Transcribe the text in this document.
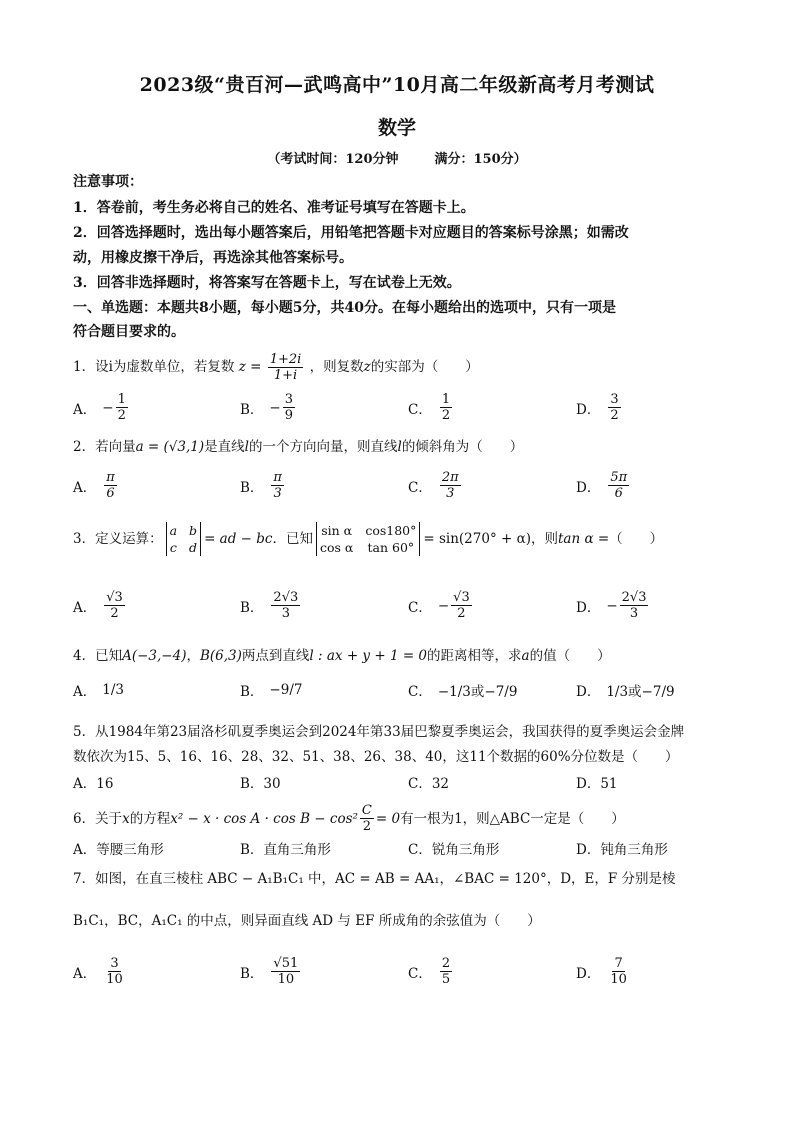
2023级“贵百河—武鸣高中”10月高二年级新高考月考测试
数学
（考试时间：120分钟	满分：150分）
注意事项：
1．答卷前，考生务必将自己的姓名、准考证号填写在答题卡上。
2．回答选择题时，选出每小题答案后，用铅笔把答题卡对应题目的答案标号涂黑；如需改
动，用橡皮擦干净后，再选涂其他答案标号。
3．回答非选择题时，将答案写在答题卡上，写在试卷上无效。
一、单选题：本题共8小题，每小题5分，共40分。在每小题给出的选项中，只有一项是
符合题目要求的。
1．设i为虚数单位，若复数 $z = \frac{1+2i}{1+i}$ ，则复数z的实部为（　　）
A． − $\frac{1}{2}$	B． − $\frac{3}{9}$	C． $\frac{1}{2}$	D． $\frac{3}{2}$
2．若向量a = (√3,1)是直线l的一个方向向量，则直线l的倾斜角为（　　）
A． $\frac{\pi}{6}$	B． $\frac{\pi}{3}$	C． $\frac{2\pi}{3}$	D． $\frac{5\pi}{6}$
3．定义运算：
a b
c d
= ad − bc ．已知
sin α cos180°
cos α tan 60°
= sin(270° + α) ，则 tan α = （　　）
A． $\frac{√3}{2}$	B． $\frac{2√3}{3}$	C． − $\frac{√3}{2}$	D． − $\frac{2√3}{3}$
4．已知A(−3,−4)，B(6,3)两点到直线l : ax + y + 1 = 0的距离相等，求a的值（　　）
A． 1/3	B． −9/7	C． −1/3或−7/9	D． 1/3或−7/9
5．从1984年第23届洛杉矶夏季奥运会到2024年第33届巴黎夏季奥运会，我国获得的夏季奥运会金牌
数依次为15、5、16、16、28、32、51、38、26、38、40，这11个数据的60%分位数是（　　）
A．16	B．30	C．32	D．51
6．关于 x 的方程 $x^2 - x \cdot \cos A \cdot \cos B - \cos^2 \frac{C}{2} = 0$ 有一根为1，则△ABC一定是（　　）
A．等腰三角形	B．直角三角形	C．锐角三角形	D．钝角三角形
7．如图，在直三棱柱 ABC − A₁B₁C₁ 中，AC = AB = AA₁，∠BAC = 120°，D，E，F 分别是棱
B₁C₁，BC，A₁C₁ 的中点，则异面直线 AD 与 EF 所成角的余弦值为（　　）
A． $\frac{3}{10}$	B． $\frac{√51}{10}$	C． $\frac{2}{5}$	D． $\frac{7}{10}$
